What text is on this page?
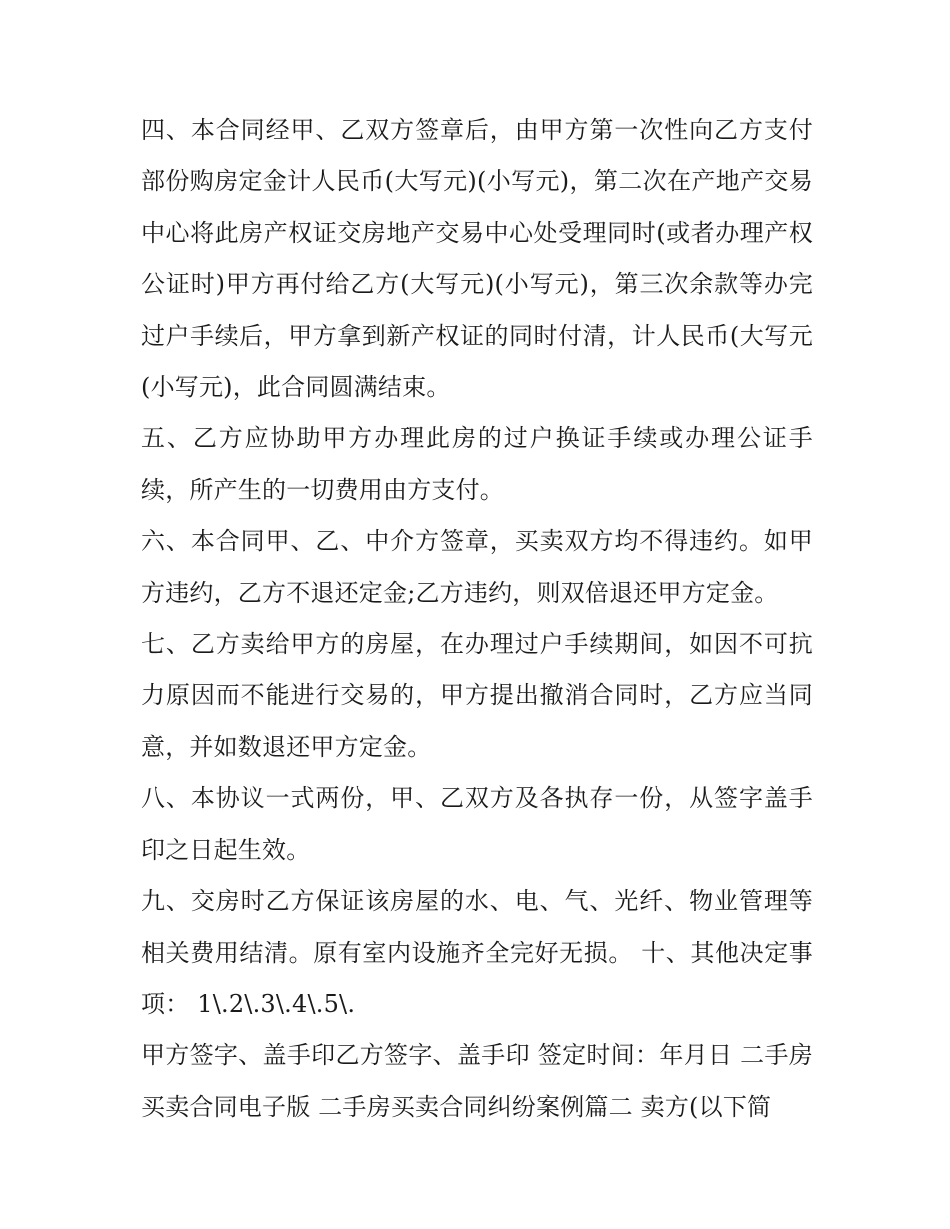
四、本合同经甲、乙双方签章后，由甲方第一次性向乙方支付部份购房定金计人民币(大写元)(小写元)，第二次在产地产交易中心将此房产权证交房地产交易中心处受理同时(或者办理产权公证时)甲方再付给乙方(大写元)(小写元)，第三次余款等办完过户手续后，甲方拿到新产权证的同时付清，计人民币(大写元(小写元)，此合同圆满结束。

五、乙方应协助甲方办理此房的过户换证手续或办理公证手续，所产生的一切费用由方支付。

六、本合同甲、乙、中介方签章，买卖双方均不得违约。如甲方违约，乙方不退还定金;乙方违约，则双倍退还甲方定金。

七、乙方卖给甲方的房屋，在办理过户手续期间，如因不可抗力原因而不能进行交易的，甲方提出撤消合同时，乙方应当同意，并如数退还甲方定金。

八、本协议一式两份，甲、乙双方及各执存一份，从签字盖手印之日起生效。

九、交房时乙方保证该房屋的水、电、气、光纤、物业管理等相关费用结清。原有室内设施齐全完好无损。 十、其他决定事项： 1\.2\.3\.4\.5\.

甲方签字、盖手印乙方签字、盖手印 签定时间：年月日 二手房买卖合同电子版 二手房买卖合同纠纷案例篇二 卖方(以下简
